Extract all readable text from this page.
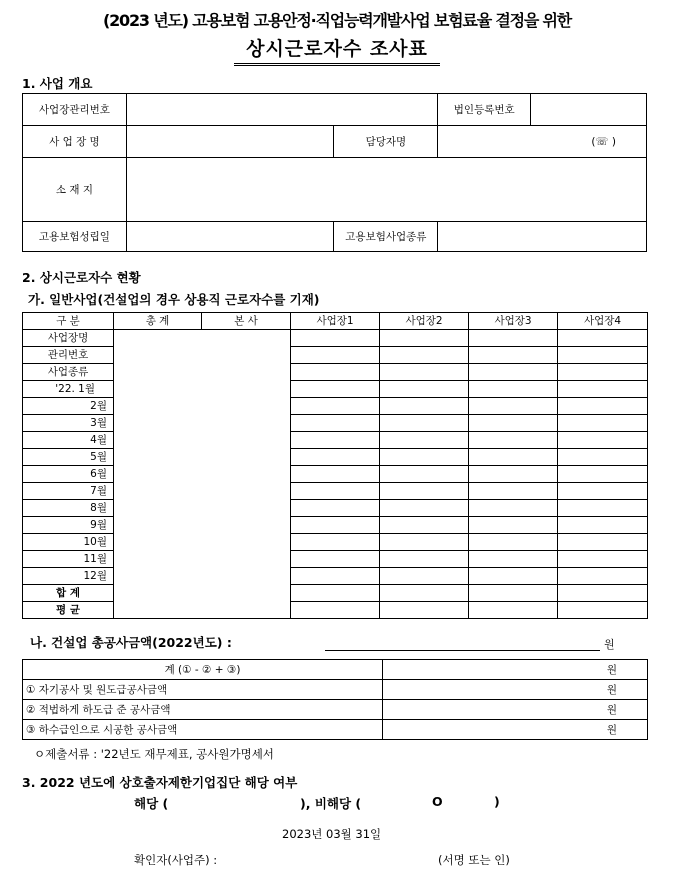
(2023 년도) 고용보험 고용안정·직업능력개발사업 보험료율 결정을 위한
상시근로자수 조사표
1. 사업 개요
사업장관리번호			법인등록번호	
사 업 장 명		담당자명	(☏ )	
소 재 지				
고용보험성립일		고용보험사업종류		
2. 상시근로자수 현황
가. 일반사업(건설업의 경우 상용직 근로자수를 기재)
구 분	총 계	본 사	사업장1	사업장2	사업장3	사업장4
사업장명						
관리번호						
사업종류						
'22. 1월						
2월						
3월						
4월						
5월						
6월						
7월						
8월						
9월						
10월						
11월						
12월						
합 계						
평 균						
나. 건설업 총공사금액(2022년도) :	원
계 (① - ② + ③)	원
① 자기공사 및 원도급공사금액	원
② 적법하게 하도급 준 공사금액	원
③ 하수급인으로 시공한 공사금액	원
ㅇ제출서류 : '22년도 재무제표, 공사원가명세서
3. 2022 년도에 상호출자제한기업집단 해당 여부
해당 (	), 비해당 (	O	)
2023년 03월 31일
확인자(사업주) :	(서명 또는 인)
